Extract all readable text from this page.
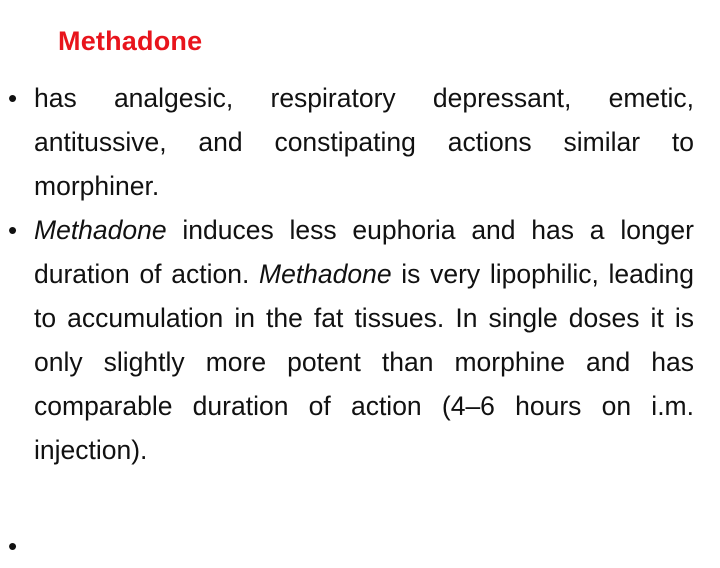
Methadone
• has analgesic, respiratory depressant, emetic, antitussive, and constipating actions similar to morphiner.
• Methadone induces less euphoria and has a longer duration of action. Methadone is very lipophilic, leading to accumulation in the fat tissues. In single doses it is only slightly more potent than morphine and has comparable duration of action (4–6 hours on i.m. injection).
•
